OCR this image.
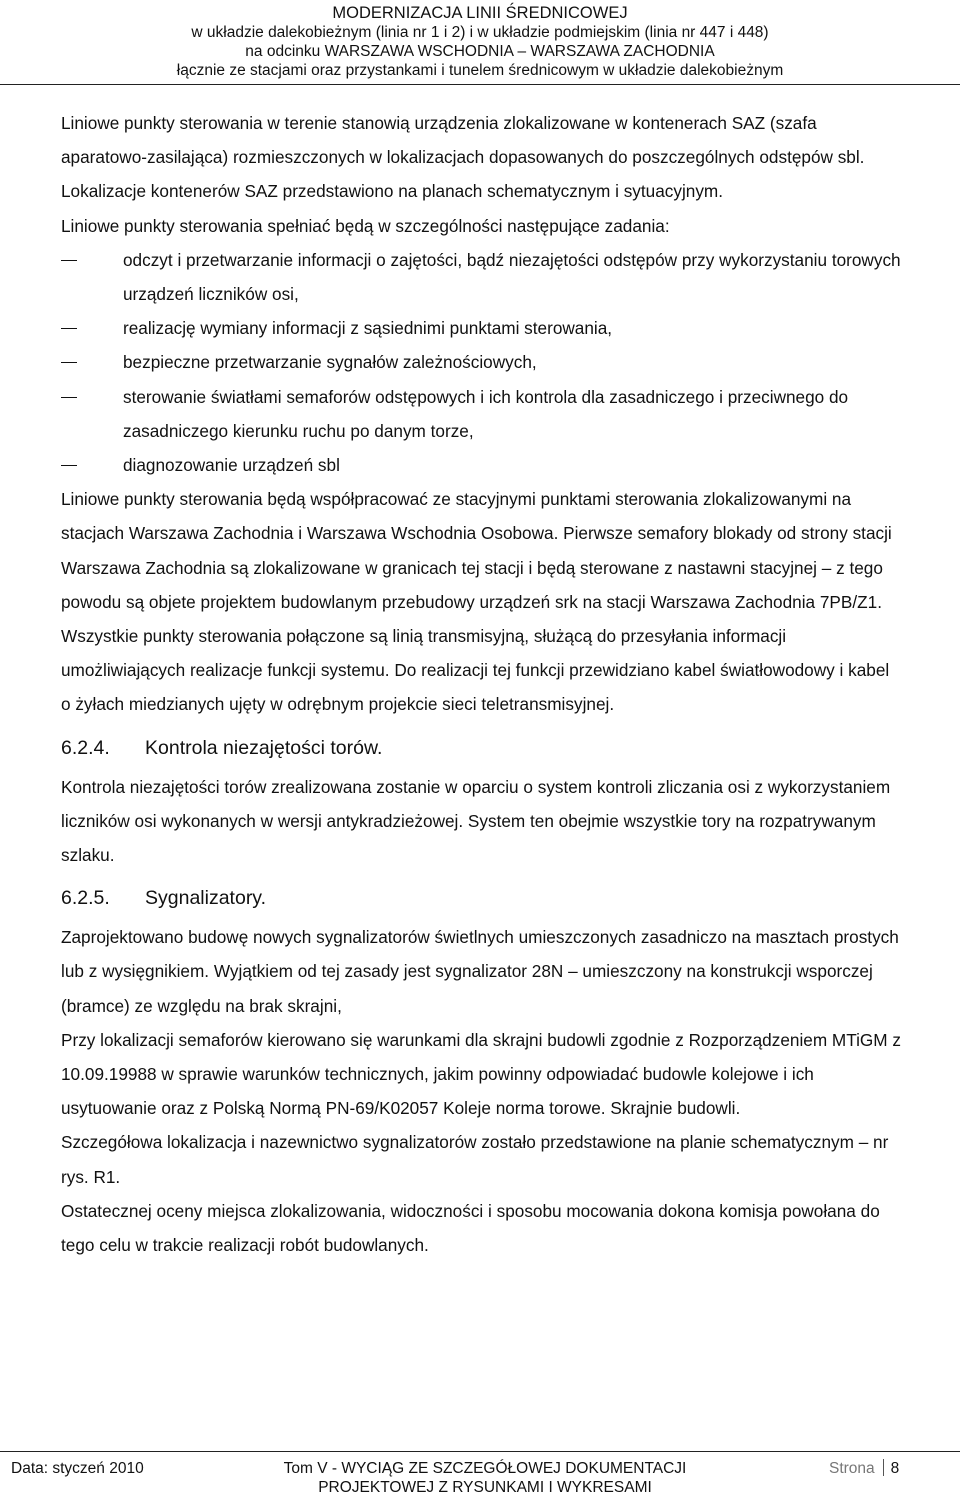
MODERNIZACJA LINII ŚREDNICOWEJ
w układzie dalekobieżnym (linia nr 1 i 2) i w układzie podmiejskim (linia nr 447 i 448)
na odcinku WARSZAWA WSCHODNIA – WARSZAWA ZACHODNIA
łącznie ze stacjami oraz przystankami i tunelem średnicowym w układzie dalekobieżnym

Liniowe punkty sterowania w terenie stanowią urządzenia zlokalizowane w kontenerach SAZ (szafa aparatowo-zasilająca) rozmieszczonych w lokalizacjach dopasowanych do poszczególnych odstępów sbl. Lokalizacje kontenerów SAZ przedstawiono na planach schematycznym i sytuacyjnym.

Liniowe punkty sterowania spełniać będą w szczególności następujące zadania:

odczyt i przetwarzanie informacji o zajętości, bądź niezajętości odstępów przy wykorzystaniu torowych urządzeń liczników osi,
realizację wymiany informacji z sąsiednimi punktami sterowania,
bezpieczne przetwarzanie sygnałów zależnościowych,
sterowanie światłami semaforów odstępowych i ich kontrola dla zasadniczego i przeciwnego do zasadniczego kierunku ruchu po danym torze,
diagnozowanie urządzeń sbl

Liniowe punkty sterowania będą współpracować ze stacyjnymi punktami sterowania zlokalizowanymi na stacjach Warszawa Zachodnia i Warszawa Wschodnia Osobowa. Pierwsze semafory blokady od strony stacji Warszawa Zachodnia są zlokalizowane w granicach tej stacji i będą sterowane z nastawni stacyjnej – z tego powodu są objete projektem budowlanym przebudowy urządzeń srk na stacji Warszawa Zachodnia 7PB/Z1.

Wszystkie punkty sterowania połączone są linią transmisyjną, służącą do przesyłania informacji umożliwiających realizacje funkcji systemu. Do realizacji tej funkcji przewidziano kabel światłowodowy i kabel o żyłach miedzianych ujęty w odrębnym projekcie sieci teletransmisyjnej.

6.2.4.	Kontrola niezajętości torów.

Kontrola niezajętości torów zrealizowana zostanie w oparciu o system kontroli zliczania osi z wykorzystaniem liczników osi wykonanych w wersji antykradzieżowej. System ten obejmie wszystkie tory na rozpatrywanym szlaku.

6.2.5.	Sygnalizatory.

Zaprojektowano budowę nowych sygnalizatorów świetlnych umieszczonych zasadniczo na masztach prostych lub z wysięgnikiem. Wyjątkiem od tej zasady jest sygnalizator 28N – umieszczony na konstrukcji wsporczej (bramce) ze względu na brak skrajni,

Przy lokalizacji semaforów kierowano się warunkami dla skrajni budowli zgodnie z Rozporządzeniem MTiGM z 10.09.19988 w sprawie warunków technicznych, jakim powinny odpowiadać budowle kolejowe i ich usytuowanie oraz z Polską Normą PN-69/K02057 Koleje norma torowe. Skrajnie budowli.

Szczegółowa lokalizacja i nazewnictwo sygnalizatorów zostało przedstawione na planie schematycznym – nr rys. R1.

Ostatecznej oceny miejsca zlokalizowania, widoczności i sposobu mocowania dokona komisja powołana do tego celu w trakcie realizacji robót budowlanych.

Data: styczeń 2010	Tom V - WYCIĄG ZE SZCZEGÓŁOWEJ DOKUMENTACJI
PROJEKTOWEJ Z RYSUNKAMI I WYKRESAMI
Strona 8
